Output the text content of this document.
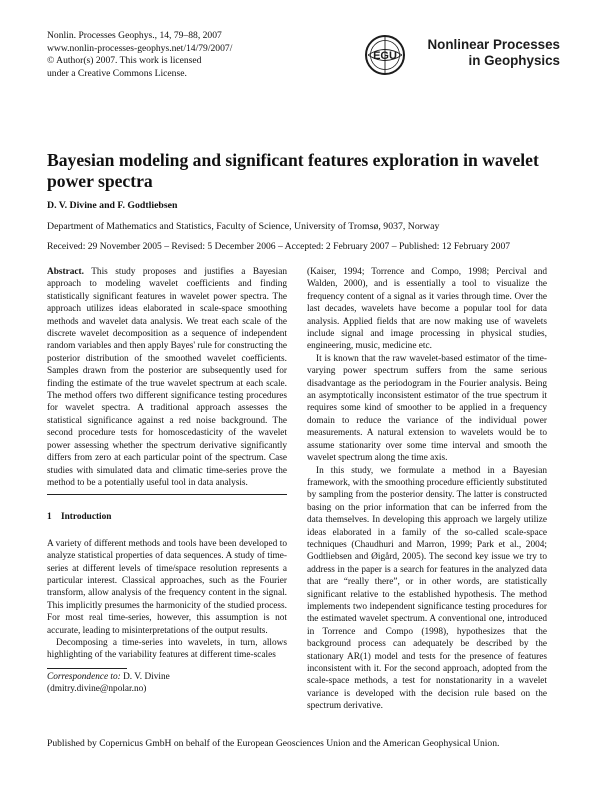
Nonlin. Processes Geophys., 14, 79–88, 2007
www.nonlin-processes-geophys.net/14/79/2007/
© Author(s) 2007. This work is licensed
under a Creative Commons License.
EGU
Nonlinear Processes
in Geophysics
Bayesian modeling and significant features exploration in wavelet power spectra
D. V. Divine and F. Godtliebsen
Department of Mathematics and Statistics, Faculty of Science, University of Tromsø, 9037, Norway
Received: 29 November 2005 – Revised: 5 December 2006 – Accepted: 2 February 2007 – Published: 12 February 2007

Abstract. This study proposes and justifies a Bayesian approach to modeling wavelet coefficients and finding statistically significant features in wavelet power spectra. The approach utilizes ideas elaborated in scale-space smoothing methods and wavelet data analysis. We treat each scale of the discrete wavelet decomposition as a sequence of independent random variables and then apply Bayes' rule for constructing the posterior distribution of the smoothed wavelet coefficients. Samples drawn from the posterior are subsequently used for finding the estimate of the true wavelet spectrum at each scale. The method offers two different significance testing procedures for wavelet spectra. A traditional approach assesses the statistical significance against a red noise background. The second procedure tests for homoscedasticity of the wavelet power assessing whether the spectrum derivative significantly differs from zero at each particular point of the spectrum. Case studies with simulated data and climatic time-series prove the method to be a potentially useful tool in data analysis.

1 Introduction

A variety of different methods and tools have been developed to analyze statistical properties of data sequences. A study of time-series at different levels of time/space resolution represents a particular interest. Classical approaches, such as the Fourier transform, allow analysis of the frequency content in the signal. This implicitly presumes the harmonicity of the studied process. For most real time-series, however, this assumption is not accurate, leading to misinterpretations of the output results.

Decomposing a time-series into wavelets, in turn, allows highlighting of the variability features at different time-scales

Correspondence to: D. V. Divine
(dmitry.divine@npolar.no)

(Kaiser, 1994; Torrence and Compo, 1998; Percival and Walden, 2000), and is essentially a tool to visualize the frequency content of a signal as it varies through time. Over the last decades, wavelets have become a popular tool for data analysis. Applied fields that are now making use of wavelets include signal and image processing in physical studies, engineering, music, medicine etc.

It is known that the raw wavelet-based estimator of the time-varying power spectrum suffers from the same serious disadvantage as the periodogram in the Fourier analysis. Being an asymptotically inconsistent estimator of the true spectrum it requires some kind of smoother to be applied in a frequency domain to reduce the variance of the individual power measurements. A natural extension to wavelets would be to assume stationarity over some time interval and smooth the wavelet spectrum along the time axis.

In this study, we formulate a method in a Bayesian framework, with the smoothing procedure efficiently substituted by sampling from the posterior density. The latter is constructed basing on the prior information that can be inferred from the data themselves. In developing this approach we largely utilize ideas elaborated in a family of the so-called scale-space techniques (Chaudhuri and Marron, 1999; Park et al., 2004; Godtliebsen and Øigård, 2005). The second key issue we try to address in the paper is a search for features in the analyzed data that are “really there”, or in other words, are statistically significant relative to the established hypothesis. The method implements two independent significance testing procedures for the estimated wavelet spectrum. A conventional one, introduced in Torrence and Compo (1998), hypothesizes that the background process can adequately be described by the stationary AR(1) model and tests for the presence of features inconsistent with it. For the second approach, adopted from the scale-space methods, a test for nonstationarity in a wavelet variance is developed with the decision rule based on the spectrum derivative.

Published by Copernicus GmbH on behalf of the European Geosciences Union and the American Geophysical Union.
